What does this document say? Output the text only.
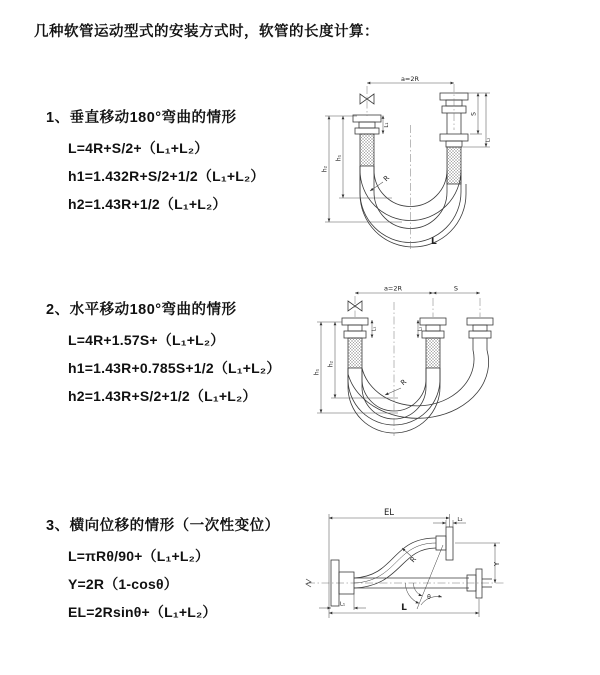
几种软管运动型式的安装方式时，软管的长度计算：
1、垂直移动180°弯曲的情形
L=4R+S/2+（L₁+L₂）
h1=1.432R+S/2+1/2（L₁+L₂）
h2=1.43R+1/2（L₁+L₂）
2、水平移动180°弯曲的情形
L=4R+1.57S+（L₁+L₂）
h1=1.43R+0.785S+1/2（L₁+L₂）
h2=1.43R+S/2+1/2（L₁+L₂）
3、横向位移的情形（一次性变位）
L=πRθ/90+（L₁+L₂）
Y=2R（1-cosθ）
EL=2Rsinθ+（L₁+L₂）
a=2R
L₁
h₂
h₁
S
L₂
R
L
a=2R	S
h₁
h₂
L₁	L₂
R
EL
L
L₂
L₁
Y
R
θ
